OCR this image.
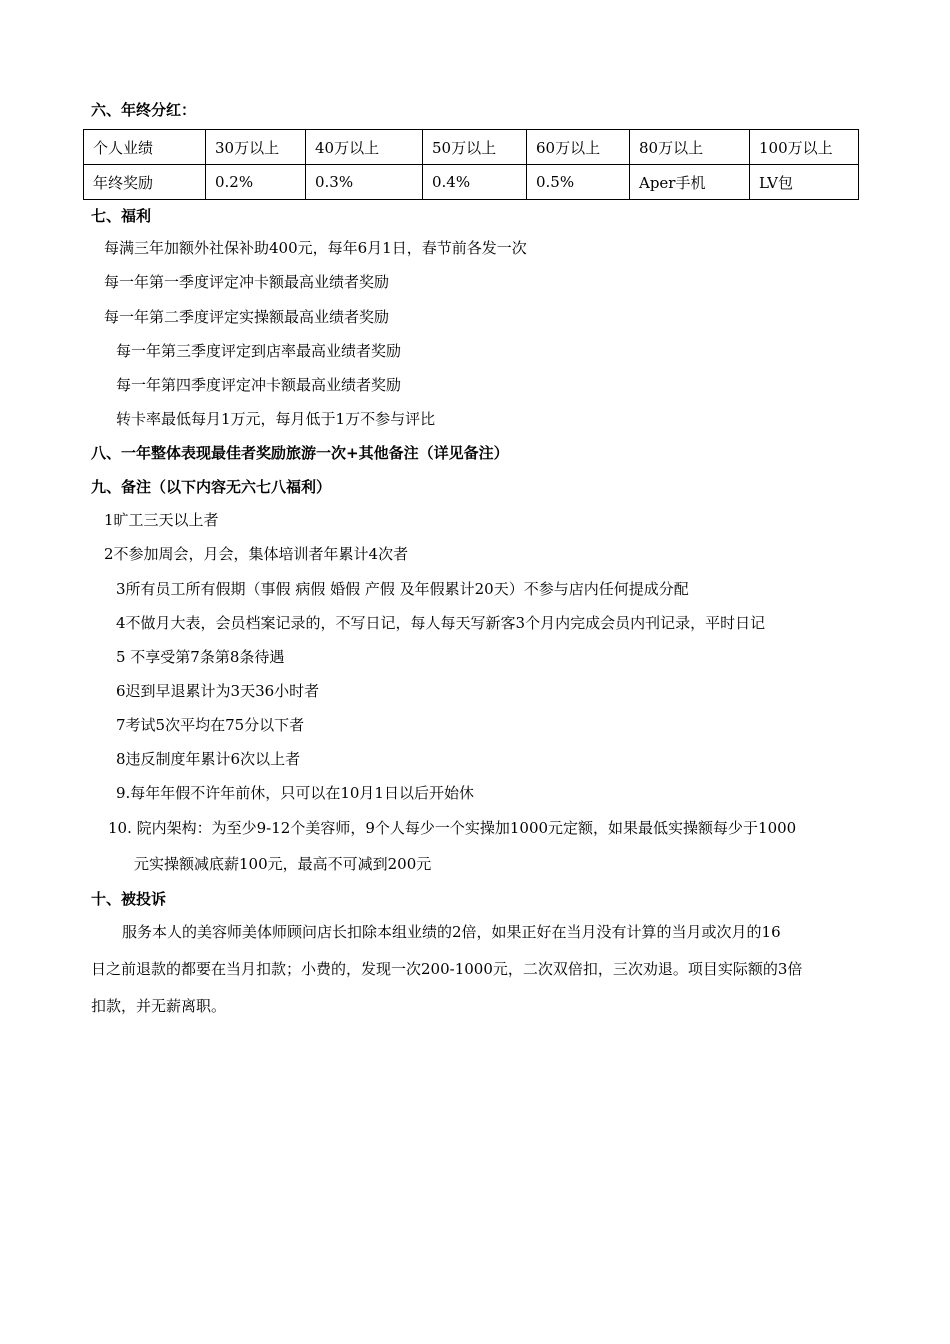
六、年终分红：
个人业绩	30万以上	40万以上	50万以上	60万以上	80万以上	100万以上
年终奖励	0.2%	0.3%	0.4%	0.5%	Aper手机	LV包
七、福利
每满三年加额外社保补助400元，每年6月1日，春节前各发一次
每一年第一季度评定冲卡额最高业绩者奖励
每一年第二季度评定实操额最高业绩者奖励
每一年第三季度评定到店率最高业绩者奖励
每一年第四季度评定冲卡额最高业绩者奖励
转卡率最低每月1万元，每月低于1万不参与评比
八、一年整体表现最佳者奖励旅游一次+其他备注（详见备注）
九、备注（以下内容无六七八福利）
1旷工三天以上者
2不参加周会，月会，集体培训者年累计4次者
3所有员工所有假期（事假 病假 婚假 产假 及年假累计20天）不参与店内任何提成分配
4不做月大表，会员档案记录的，不写日记，每人每天写新客3个月内完成会员内刊记录，平时日记
5 不享受第7条第8条待遇
6迟到早退累计为3天36小时者
7考试5次平均在75分以下者
8违反制度年累计6次以上者
9.每年年假不许年前休，只可以在10月1日以后开始休
10. 院内架构：为至少9-12个美容师，9个人每少一个实操加1000元定额，如果最低实操额每少于1000
元实操额减底薪100元，最高不可减到200元
十、被投诉
服务本人的美容师美体师顾问店长扣除本组业绩的2倍，如果正好在当月没有计算的当月或次月的16
日之前退款的都要在当月扣款；小费的，发现一次200-1000元，二次双倍扣，三次劝退。项目实际额的3倍
扣款，并无薪离职。
